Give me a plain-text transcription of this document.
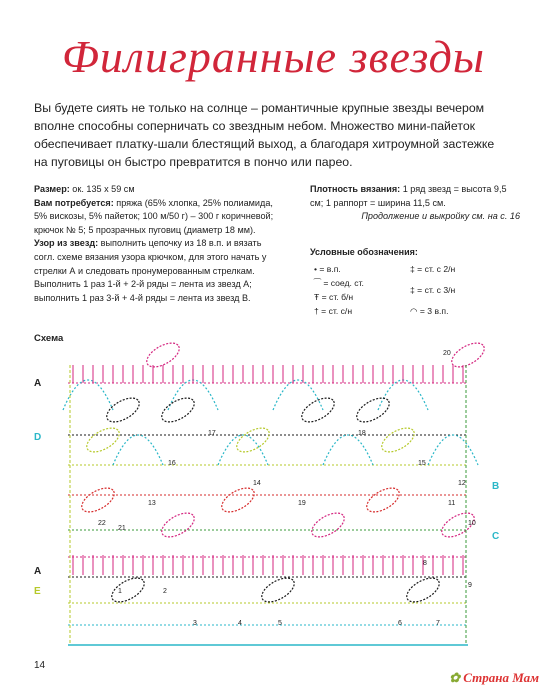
Филигранные звезды
Вы будете сиять не только на солнце – романтичные крупные звезды вечером
вполне способны соперничать со звездным небом. Множество мини-пайеток
обеспечивает платку-шали блестящий выход, а благодаря хитроумной застежке
на пуговицы он быстро превратится в пончо или парео.
Размер: ок. 135 x 59 см
Вам потребуется: пряжа (65% хлопка, 25% полиамида, 5% вискозы, 5% пайеток; 100 м/50 г) – 300 г коричневой; крючок № 5; 5 прозрачных пуговиц (диаметр 18 мм).
Узор из звезд: выполнить цепочку из 18 в.п. и вязать согл. схеме вязания узора крючком, для этого начать у стрелки А и следовать пронумерованным стрелкам. Выполнить 1 раз 1-й + 2-й ряды = лента из звезд А; выполнить 1 раз 3-й + 4-й ряды = лента из звезд В.
Плотность вязания: 1 ряд звезд = высота 9,5 см; 1 раппорт = ширина 11,5 см.
Продолжение и выкройку см. на с. 16
Условные обозначения:
• = в.п.
⁀ = соед. ст.
Ŧ = ст. б/н
† = ст. с/н
‡ = ст. с 2/н
‡ = ст. с 3/н
◠ = 3 в.п.
Схема
1	2
3	4	5	6	7
8
9
10
11
12
13
14
15
16
17	18
19
20
21
22
A
D
B
C
A
E
14
✿ Страна Мам
